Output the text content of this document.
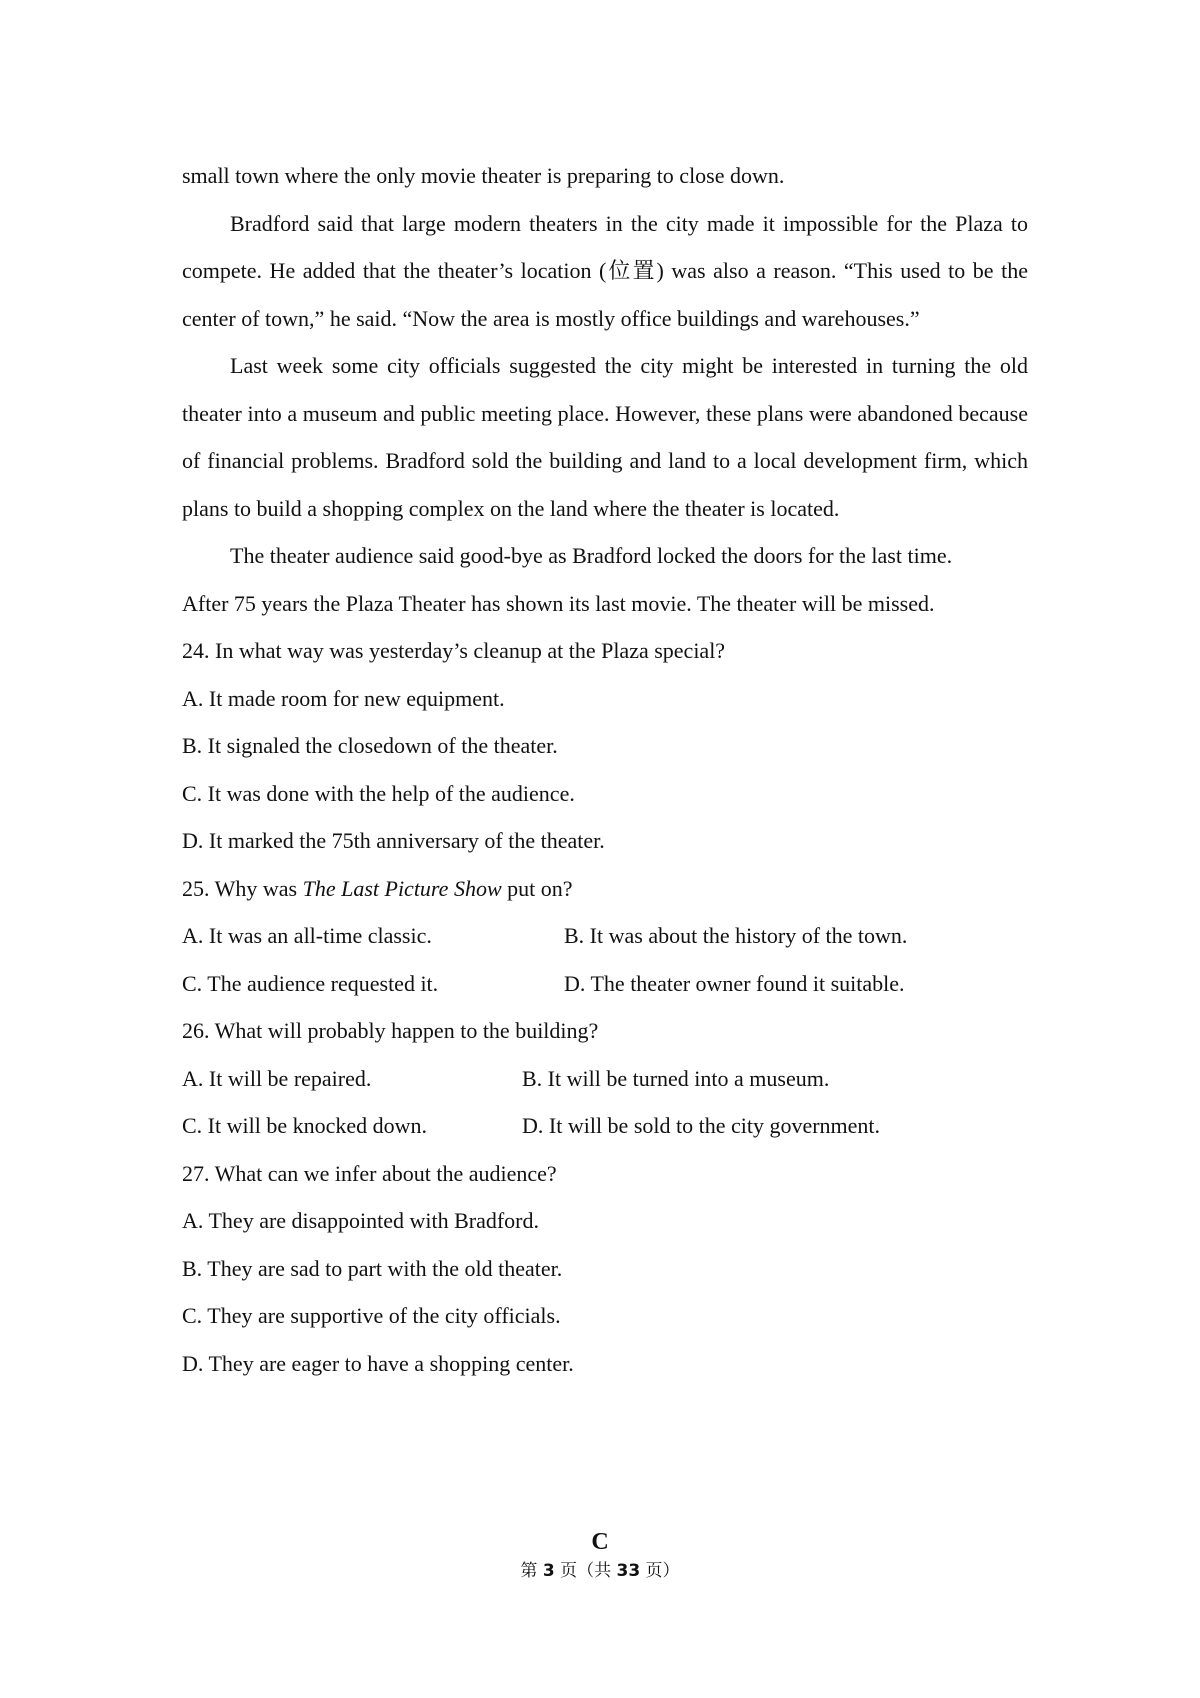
small town where the only movie theater is preparing to close down.

Bradford said that large modern theaters in the city made it impossible for the Plaza to compete. He added that the theater’s location (位置) was also a reason. “This used to be the center of town,” he said. “Now the area is mostly office buildings and warehouses.”

Last week some city officials suggested the city might be interested in turning the old theater into a museum and public meeting place. However, these plans were abandoned because of financial problems. Bradford sold the building and land to a local development firm, which plans to build a shopping complex on the land where the theater is located.

The theater audience said good-bye as Bradford locked the doors for the last time.

After 75 years the Plaza Theater has shown its last movie. The theater will be missed.

24. In what way was yesterday’s cleanup at the Plaza special?

A. It made room for new equipment.

B. It signaled the closedown of the theater.

C. It was done with the help of the audience.

D. It marked the 75th anniversary of the theater.

25. Why was The Last Picture Show put on?

A. It was an all-time classic.	B. It was about the history of the town.
C. The audience requested it.	D. The theater owner found it suitable.

26. What will probably happen to the building?

A. It will be repaired.	B. It will be turned into a museum.
C. It will be knocked down.	D. It will be sold to the city government.

27. What can we infer about the audience?

A. They are disappointed with Bradford.

B. They are sad to part with the old theater.

C. They are supportive of the city officials.

D. They are eager to have a shopping center.

C
第 3 页（共 33 页）
